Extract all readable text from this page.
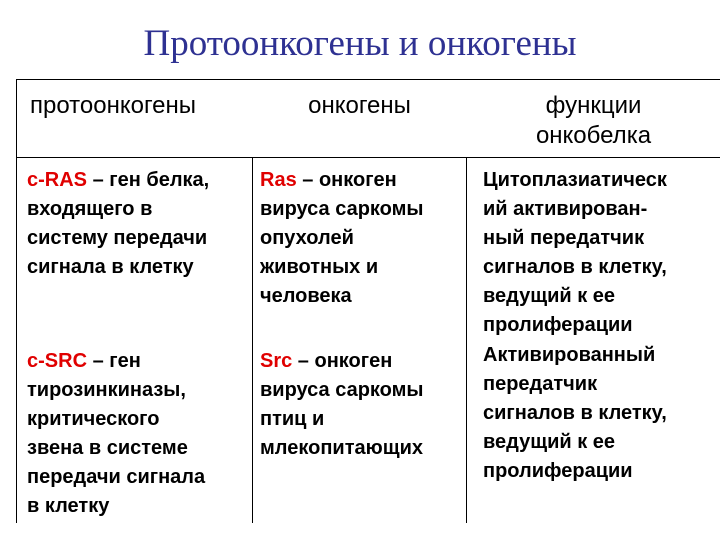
Протоонкогены и онкогены
протоонкогены	онкогены	функции
онкобелка
c-RAS – ген белка,
входящего в
систему передачи
сигнала в клетку
Ras – онкоген
вируса саркомы
опухолей
животных и
человека
Цитоплазиатическ
ий активирован-
ный передатчик
сигналов в клетку,
ведущий к ее
пролиферации
c-SRC – ген
тирозинкиназы,
критического
звена в системе
передачи сигнала
в клетку
Src – онкоген
вируса саркомы
птиц и
млекопитающих
Активированный
передатчик
сигналов в клетку,
ведущий к ее
пролиферации
